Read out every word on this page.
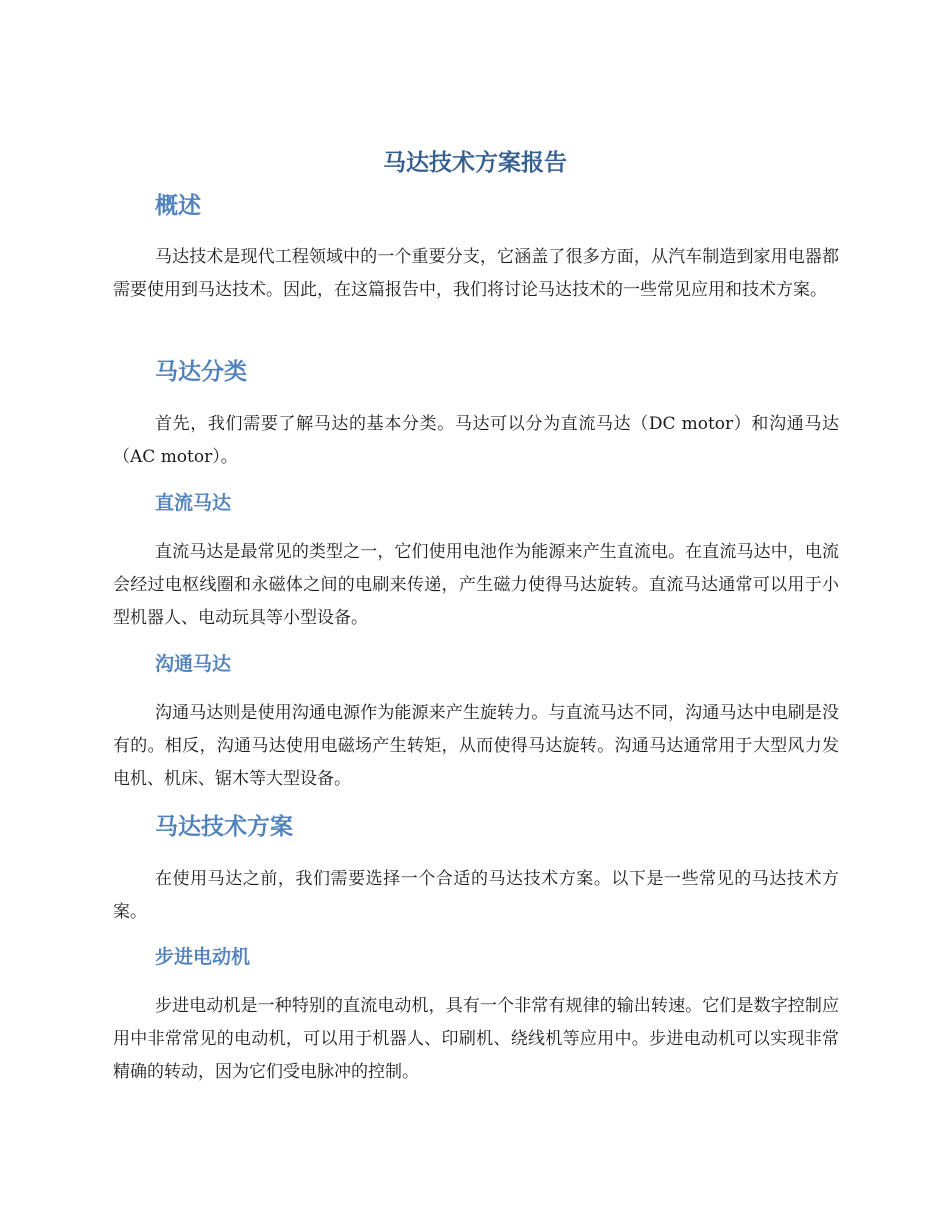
马达技术方案报告
概述

马达技术是现代工程领域中的一个重要分支，它涵盖了很多方面，从汽车制造到家用电器都需要使用到马达技术。因此，在这篇报告中，我们将讨论马达技术的一些常见应用和技术方案。

马达分类

首先，我们需要了解马达的基本分类。马达可以分为直流马达（DC motor）和沟通马达（AC motor）。

直流马达

直流马达是最常见的类型之一，它们使用电池作为能源来产生直流电。在直流马达中，电流会经过电枢线圈和永磁体之间的电刷来传递，产生磁力使得马达旋转。直流马达通常可以用于小型机器人、电动玩具等小型设备。

沟通马达

沟通马达则是使用沟通电源作为能源来产生旋转力。与直流马达不同，沟通马达中电刷是没有的。相反，沟通马达使用电磁场产生转矩，从而使得马达旋转。沟通马达通常用于大型风力发电机、机床、锯木等大型设备。

马达技术方案

在使用马达之前，我们需要选择一个合适的马达技术方案。以下是一些常见的马达技术方案。

步进电动机

步进电动机是一种特别的直流电动机，具有一个非常有规律的输出转速。它们是数字控制应用中非常常见的电动机，可以用于机器人、印刷机、绕线机等应用中。步进电动机可以实现非常精确的转动，因为它们受电脉冲的控制。
